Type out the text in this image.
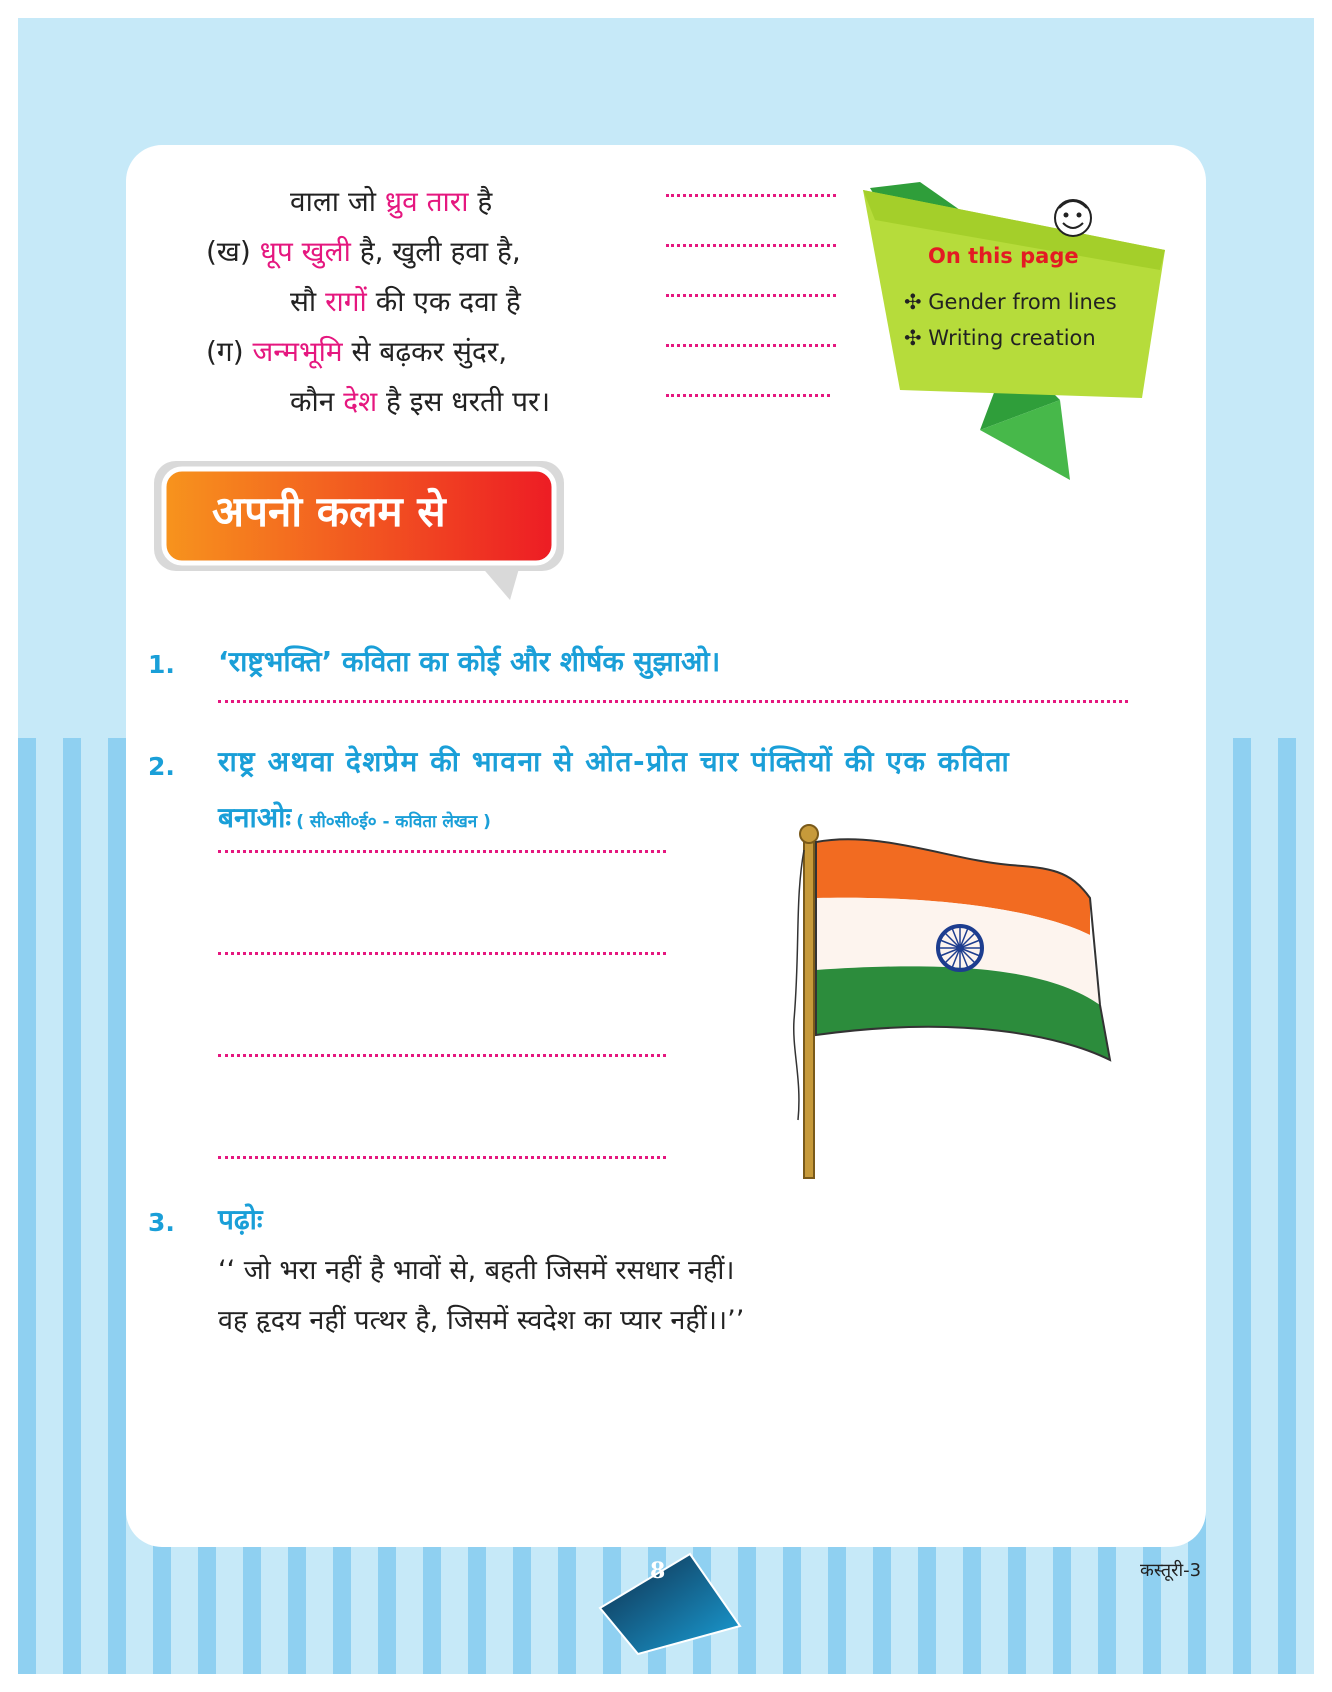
वाला जो ध्रुव तारा है
(ख) धूप खुली है, खुली हवा है,
सौ रागों की एक दवा है
(ग) जन्मभूमि से बढ़कर सुंदर,
कौन देश है इस धरती पर।
On this page
✣ Gender from lines
✣ Writing creation
अपनी कलम से
1. ‘राष्ट्रभक्ति’ कविता का कोई और शीर्षक सुझाओ।
2. राष्ट्र अथवा देशप्रेम की भावना से ओत-प्रोत चार पंक्तियों की एक कविता
बनाओः ( सी०सी०ई० - कविता लेखन )
3. पढ़ोः
‘‘ जो भरा नहीं है भावों से, बहती जिसमें रसधार नहीं।
वह हृदय नहीं पत्थर है, जिसमें स्वदेश का प्यार नहीं।।’’
8	कस्तूरी-3
